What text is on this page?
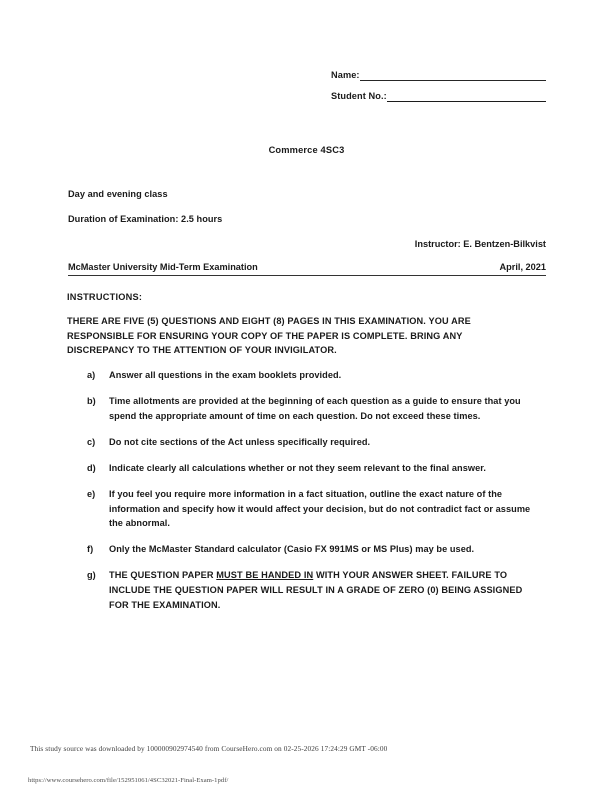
Name:
Student No.:
Commerce 4SC3
Day and evening class
Duration of Examination: 2.5 hours
Instructor: E. Bentzen-Bilkvist
McMaster University Mid-Term Examination	April, 2021
INSTRUCTIONS:
THERE ARE FIVE (5) QUESTIONS AND EIGHT (8) PAGES IN THIS EXAMINATION. YOU ARE RESPONSIBLE FOR ENSURING YOUR COPY OF THE PAPER IS COMPLETE. BRING ANY DISCREPANCY TO THE ATTENTION OF YOUR INVIGILATOR.
a)	Answer all questions in the exam booklets provided.
b)	Time allotments are provided at the beginning of each question as a guide to ensure that you spend the appropriate amount of time on each question. Do not exceed these times.
c)	Do not cite sections of the Act unless specifically required.
d)	Indicate clearly all calculations whether or not they seem relevant to the final answer.
e)	If you feel you require more information in a fact situation, outline the exact nature of the information and specify how it would affect your decision, but do not contradict fact or assume the abnormal.
f)	Only the McMaster Standard calculator (Casio FX 991MS or MS Plus) may be used.
g)	THE QUESTION PAPER MUST BE HANDED IN WITH YOUR ANSWER SHEET. FAILURE TO INCLUDE THE QUESTION PAPER WILL RESULT IN A GRADE OF ZERO (0) BEING ASSIGNED FOR THE EXAMINATION.
This study source was downloaded by 100000902974540 from CourseHero.com on 02-25-2026 17:24:29 GMT -06:00
https://www.coursehero.com/file/152951061/4SC32021-Final-Exam-1pdf/
